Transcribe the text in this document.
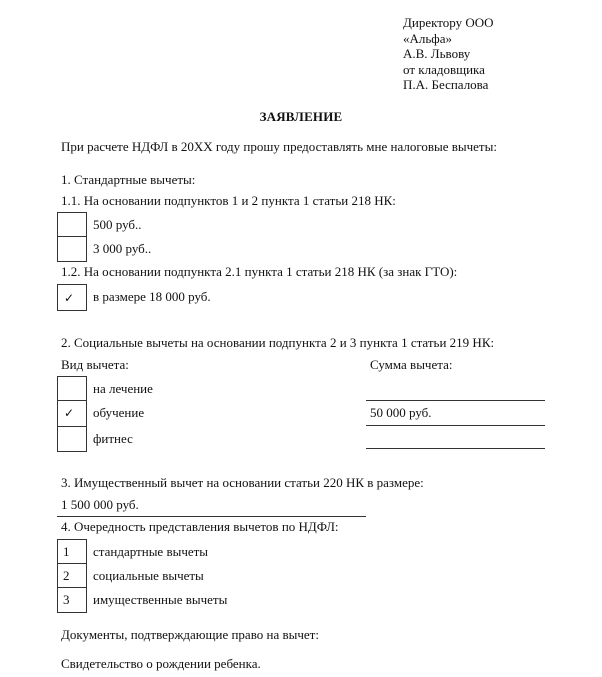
Директору ООО
«Альфа»
А.В. Львову
от кладовщика
П.А. Беспалова
ЗАЯВЛЕНИЕ
При расчете НДФЛ в 20ХХ году прошу предоставлять мне налоговые вычеты:
1. Стандартные вычеты:
1.1. На основании подпунктов 1 и 2 пункта 1 статьи 218 НК:
500 руб..
3 000 руб..
1.2. На основании подпункта 2.1 пункта 1 статьи 218 НК (за знак ГТО):
✓ в размере 18 000 руб.
2. Социальные вычеты на основании подпункта 2 и 3 пункта 1 статьи 219 НК:
Вид вычета:	Сумма вычета:
✓
на лечение
обучение
фитнес
50 000 руб.
3. Имущественный вычет на основании статьи 220 НК в размере:
1 500 000 руб.
4. Очередность представления вычетов по НДФЛ:
1
2
3
стандартные вычеты
социальные вычеты
имущественные вычеты
Документы, подтверждающие право на вычет:
Свидетельство о рождении ребенка.
